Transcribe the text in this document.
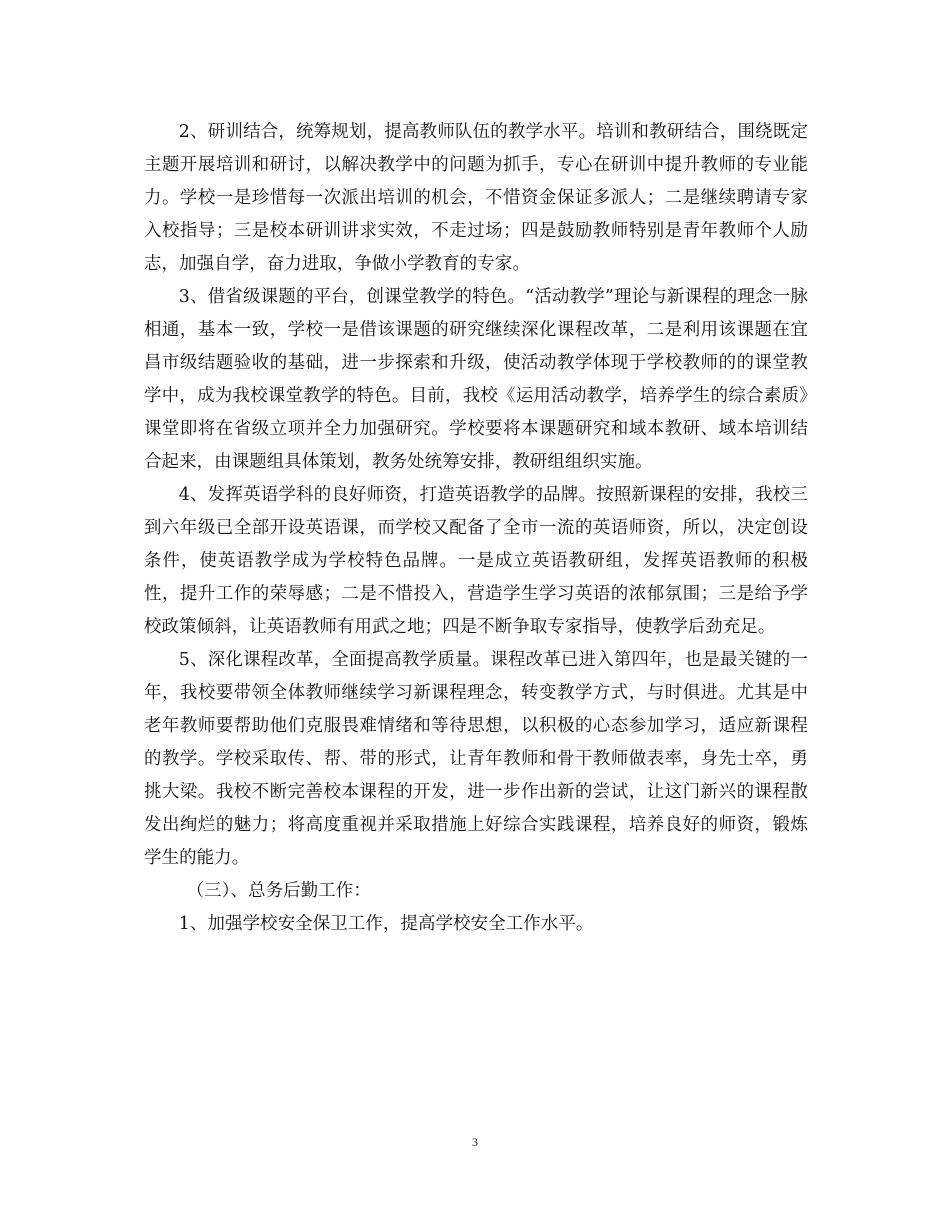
2、研训结合，统筹规划，提高教师队伍的教学水平。培训和教研结合，围绕既定主题开展培训和研讨，以解决教学中的问题为抓手，专心在研训中提升教师的专业能力。学校一是珍惜每一次派出培训的机会，不惜资金保证多派人；二是继续聘请专家入校指导；三是校本研训讲求实效，不走过场；四是鼓励教师特别是青年教师个人励志，加强自学，奋力进取，争做小学教育的专家。

3、借省级课题的平台，创课堂教学的特色。“活动教学”理论与新课程的理念一脉相通，基本一致，学校一是借该课题的研究继续深化课程改革，二是利用该课题在宜昌市级结题验收的基础，进一步探索和升级，使活动教学体现于学校教师的的课堂教学中，成为我校课堂教学的特色。目前，我校《运用活动教学，培养学生的综合素质》课堂即将在省级立项并全力加强研究。学校要将本课题研究和域本教研、域本培训结合起来，由课题组具体策划，教务处统筹安排，教研组组织实施。

4、发挥英语学科的良好师资，打造英语教学的品牌。按照新课程的安排，我校三到六年级已全部开设英语课，而学校又配备了全市一流的英语师资，所以，决定创设条件，使英语教学成为学校特色品牌。一是成立英语教研组，发挥英语教师的积极性，提升工作的荣辱感；二是不惜投入，营造学生学习英语的浓郁氛围；三是给予学校政策倾斜，让英语教师有用武之地；四是不断争取专家指导，使教学后劲充足。

5、深化课程改革，全面提高教学质量。课程改革已进入第四年，也是最关键的一年，我校要带领全体教师继续学习新课程理念，转变教学方式，与时俱进。尤其是中老年教师要帮助他们克服畏难情绪和等待思想，以积极的心态参加学习，适应新课程的教学。学校采取传、帮、带的形式，让青年教师和骨干教师做表率，身先士卒，勇挑大梁。我校不断完善校本课程的开发，进一步作出新的尝试，让这门新兴的课程散发出绚烂的魅力；将高度重视并采取措施上好综合实践课程，培养良好的师资，锻炼学生的能力。

（三）、总务后勤工作：

1、加强学校安全保卫工作，提高学校安全工作水平。

3
